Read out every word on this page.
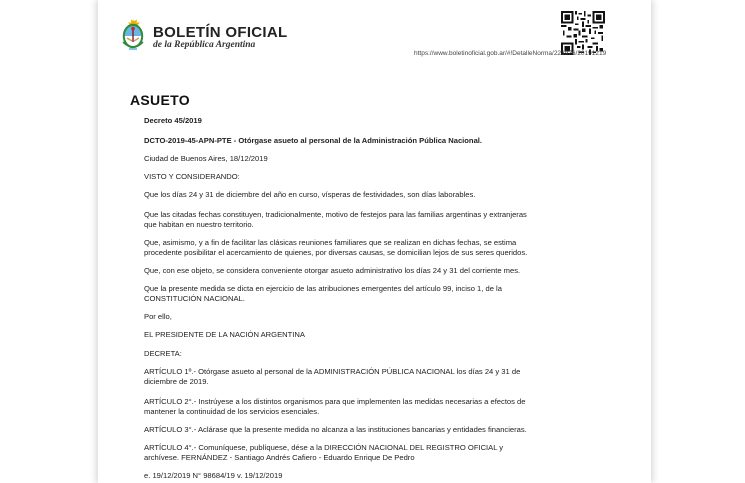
BOLETÍN OFICIAL
de la República Argentina
https://www.boletinoficial.gob.ar/#!DetalleNorma/223976/20191219
ASUETO

Decreto 45/2019

DCTO-2019-45-APN-PTE - Otórgase asueto al personal de la Administración Pública Nacional.

Ciudad de Buenos Aires, 18/12/2019

VISTO Y CONSIDERANDO:

Que los días 24 y 31 de diciembre del año en curso, vísperas de festividades, son días laborables.

Que las citadas fechas constituyen, tradicionalmente, motivo de festejos para las familias argentinas y extranjeras

que habitan en nuestro territorio.

Que, asimismo, y a fin de facilitar las clásicas reuniones familiares que se realizan en dichas fechas, se estima

procedente posibilitar el acercamiento de quienes, por diversas causas, se domicilian lejos de sus seres queridos.

Que, con ese objeto, se considera conveniente otorgar asueto administrativo los días 24 y 31 del corriente mes.

Que la presente medida se dicta en ejercicio de las atribuciones emergentes del artículo 99, inciso 1, de la

CONSTITUCIÓN NACIONAL.

Por ello,

EL PRESIDENTE DE LA NACIÓN ARGENTINA

DECRETA:

ARTÍCULO 1º.- Otórgase asueto al personal de la ADMINISTRACIÓN PÚBLICA NACIONAL los días 24 y 31 de

diciembre de 2019.

ARTÍCULO 2°.- Instrúyese a los distintos organismos para que implementen las medidas necesarias a efectos de

mantener la continuidad de los servicios esenciales.

ARTÍCULO 3°.- Aclárase que la presente medida no alcanza a las instituciones bancarias y entidades financieras.

ARTÍCULO 4°.- Comuníquese, publíquese, dése a la DIRECCIÓN NACIONAL DEL REGISTRO OFICIAL y

archívese. FERNÁNDEZ - Santiago Andrés Cafiero - Eduardo Enrique De Pedro

e. 19/12/2019 N° 98684/19 v. 19/12/2019
